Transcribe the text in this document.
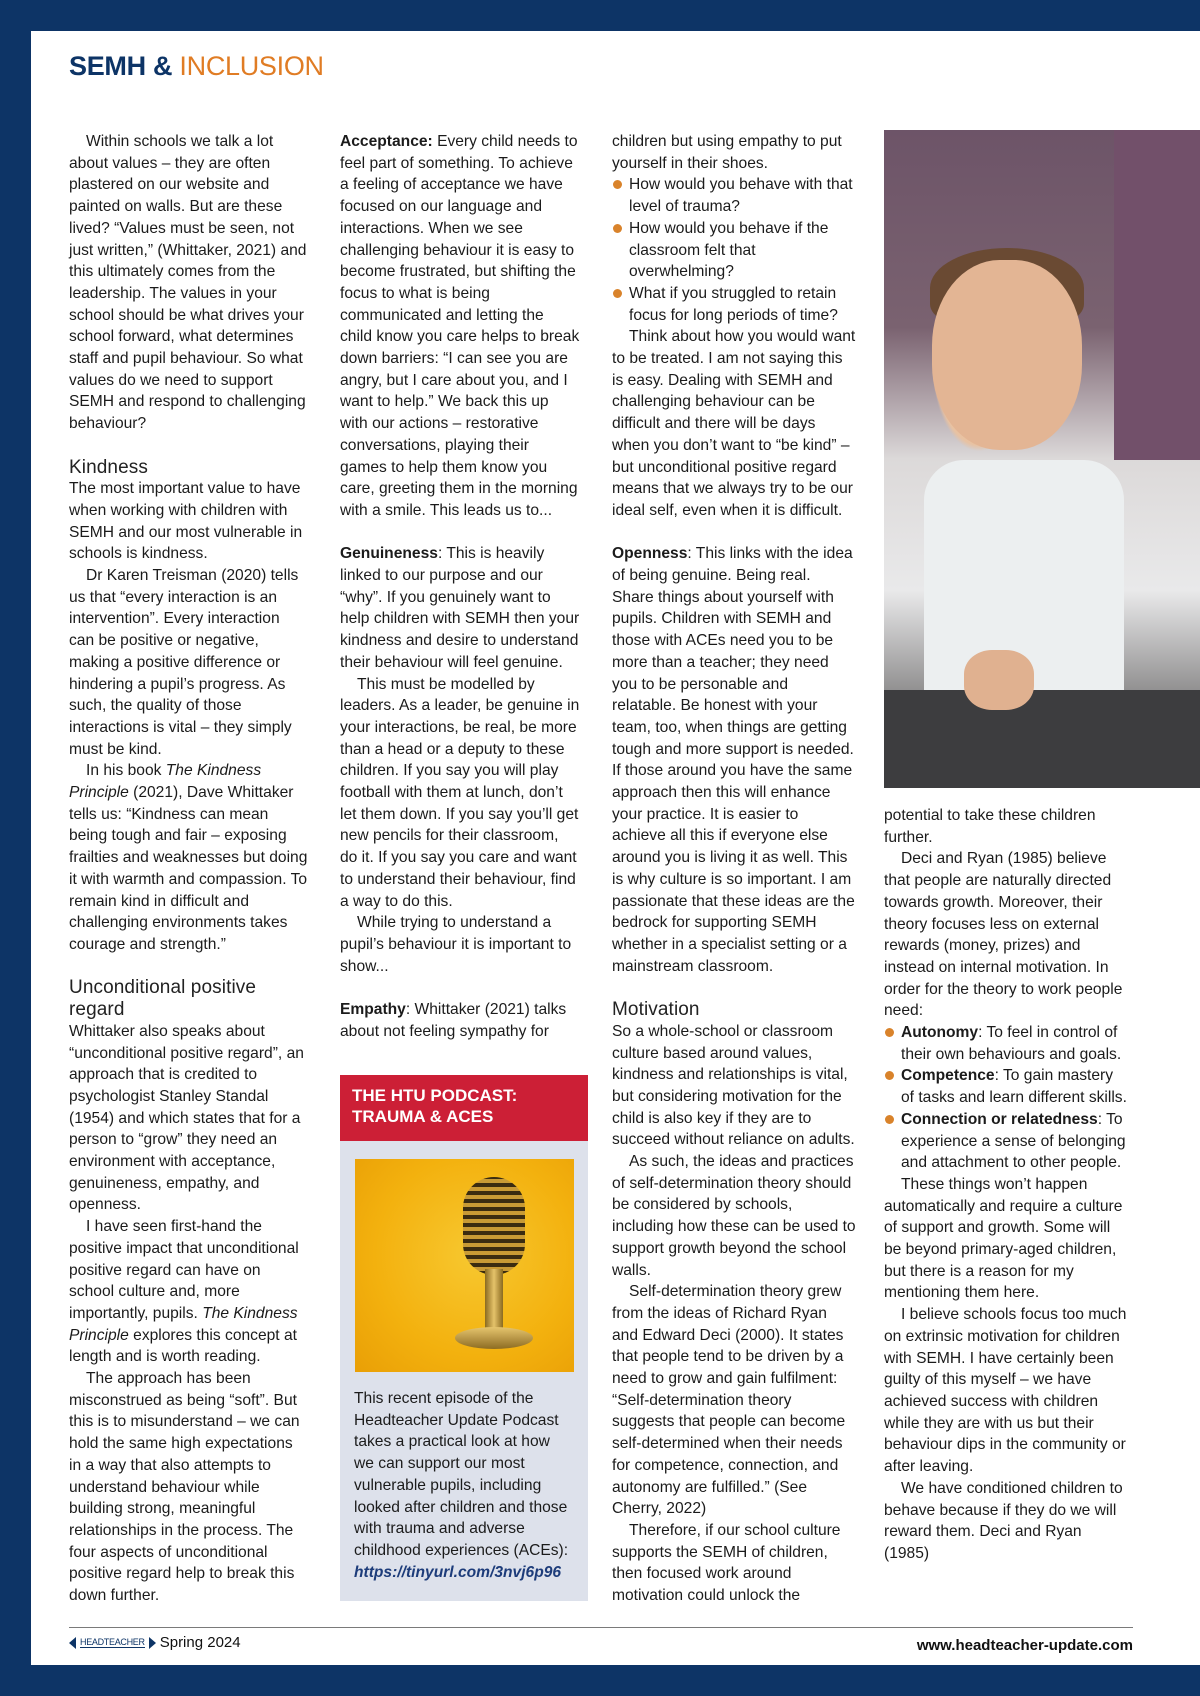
SEMH & INCLUSION

Within schools we talk a lot about values – they are often plastered on our website and painted on walls. But are these lived? “Values must be seen, not just written,” (Whittaker, 2021) and this ultimately comes from the leadership. The values in your school should be what drives your school forward, what determines staff and pupil behaviour. So what values do we need to support SEMH and respond to challenging behaviour?

Kindness

The most important value to have when working with children with SEMH and our most vulnerable in schools is kindness.

Dr Karen Treisman (2020) tells us that “every interaction is an intervention”. Every interaction can be positive or negative, making a positive difference or hindering a pupil’s progress. As such, the quality of those interactions is vital – they simply must be kind.

In his book The Kindness Principle (2021), Dave Whittaker tells us: “Kindness can mean being tough and fair – exposing frailties and weaknesses but doing it with warmth and compassion. To remain kind in difficult and challenging environments takes courage and strength.”

Unconditional positive regard

Whittaker also speaks about “unconditional positive regard”, an approach that is credited to psychologist Stanley Standal (1954) and which states that for a person to “grow” they need an environment with acceptance, genuineness, empathy, and openness.

I have seen first-hand the positive impact that unconditional positive regard can have on school culture and, more importantly, pupils. The Kindness Principle explores this concept at length and is worth reading.

The approach has been misconstrued as being “soft”. But this is to misunderstand – we can hold the same high expectations in a way that also attempts to understand behaviour while building strong, meaningful relationships in the process. The four aspects of unconditional positive regard help to break this down further.

Acceptance: Every child needs to feel part of something. To achieve a feeling of acceptance we have focused on our language and interactions. When we see challenging behaviour it is easy to become frustrated, but shifting the focus to what is being communicated and letting the child know you care helps to break down barriers: “I can see you are angry, but I care about you, and I want to help.” We back this up with our actions – restorative conversations, playing their games to help them know you care, greeting them in the morning with a smile. This leads us to...

Genuineness: This is heavily linked to our purpose and our “why”. If you genuinely want to help children with SEMH then your kindness and desire to understand their behaviour will feel genuine.

This must be modelled by leaders. As a leader, be genuine in your interactions, be real, be more than a head or a deputy to these children. If you say you will play football with them at lunch, don’t let them down. If you say you’ll get new pencils for their classroom, do it. If you say you care and want to understand their behaviour, find a way to do this.

While trying to understand a pupil’s behaviour it is important to show...

Empathy: Whittaker (2021) talks about not feeling sympathy for

THE HTU PODCAST: TRAUMA & ACES
This recent episode of the Headteacher Update Podcast takes a practical look at how we can support our most vulnerable pupils, including looked after children and those with trauma and adverse childhood experiences (ACEs): https://tinyurl.com/3nvj6p96

children but using empathy to put yourself in their shoes.

How would you behave with that level of trauma?
How would you behave if the classroom felt that overwhelming?
What if you struggled to retain focus for long periods of time?

Think about how you would want to be treated. I am not saying this is easy. Dealing with SEMH and challenging behaviour can be difficult and there will be days when you don’t want to “be kind” – but unconditional positive regard means that we always try to be our ideal self, even when it is difficult.

Openness: This links with the idea of being genuine. Being real. Share things about yourself with pupils. Children with SEMH and those with ACEs need you to be more than a teacher; they need you to be personable and relatable. Be honest with your team, too, when things are getting tough and more support is needed. If those around you have the same approach then this will enhance your practice. It is easier to achieve all this if everyone else around you is living it as well. This is why culture is so important. I am passionate that these ideas are the bedrock for supporting SEMH whether in a specialist setting or a mainstream classroom.

Motivation

So a whole-school or classroom culture based around values, kindness and relationships is vital, but considering motivation for the child is also key if they are to succeed without reliance on adults.

As such, the ideas and practices of self-determination theory should be considered by schools, including how these can be used to support growth beyond the school walls.

Self-determination theory grew from the ideas of Richard Ryan and Edward Deci (2000). It states that people tend to be driven by a need to grow and gain fulfilment: “Self-determination theory suggests that people can become self-determined when their needs for competence, connection, and autonomy are fulfilled.” (See Cherry, 2022)

Therefore, if our school culture supports the SEMH of children, then focused work around motivation could unlock the

potential to take these children further.

Deci and Ryan (1985) believe that people are naturally directed towards growth. Moreover, their theory focuses less on external rewards (money, prizes) and instead on internal motivation. In order for the theory to work people need:

Autonomy: To feel in control of their own behaviours and goals.
Competence: To gain mastery of tasks and learn different skills.
Connection or relatedness: To experience a sense of belonging and attachment to other people.

These things won’t happen automatically and require a culture of support and growth. Some will be beyond primary-aged children, but there is a reason for my mentioning them here.

I believe schools focus too much on extrinsic motivation for children with SEMH. I have certainly been guilty of this myself – we have achieved success with children while they are with us but their behaviour dips in the community or after leaving.

We have conditioned children to behave because if they do we will reward them. Deci and Ryan (1985)

HEADTEACHER Spring 2024	www.headteacher-update.com
